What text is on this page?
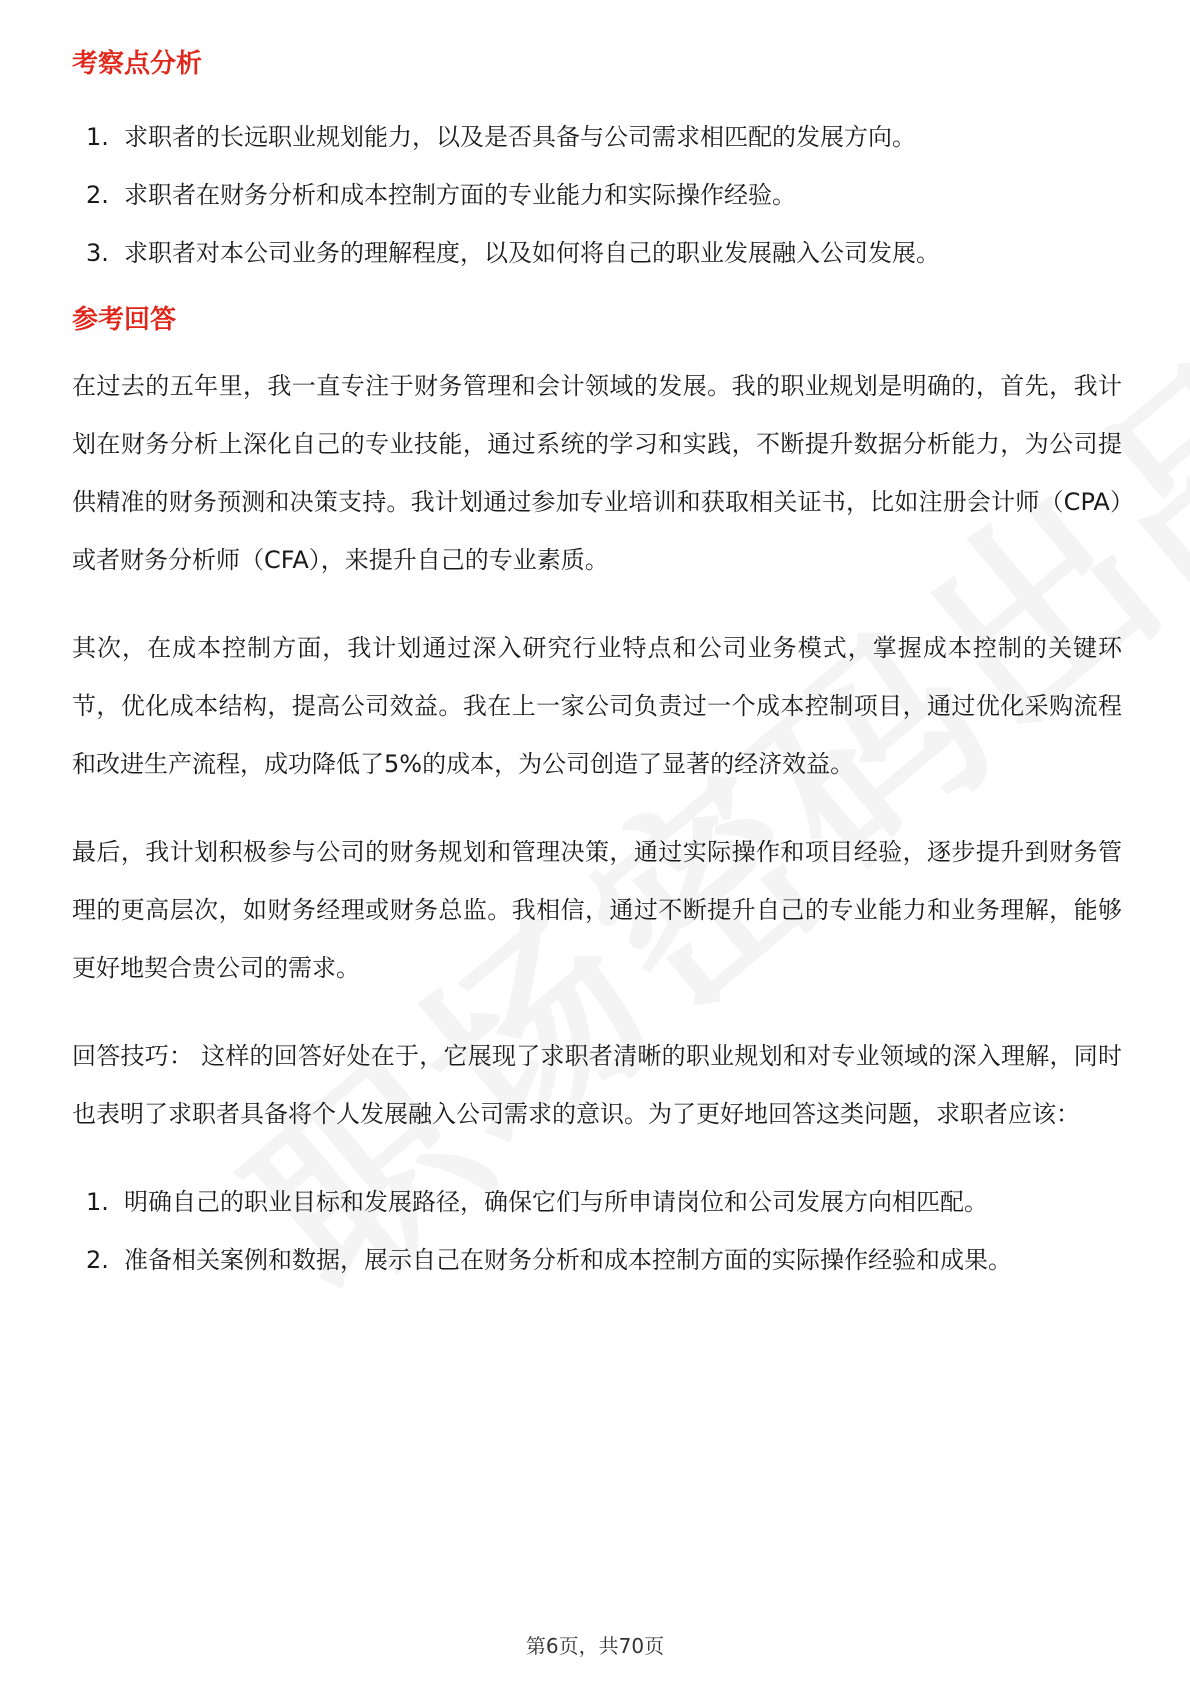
考察点分析
1. 求职者的长远职业规划能力，以及是否具备与公司需求相匹配的发展方向。
2. 求职者在财务分析和成本控制方面的专业能力和实际操作经验。
3. 求职者对本公司业务的理解程度，以及如何将自己的职业发展融入公司发展。
参考回答

在过去的五年里，我一直专注于财务管理和会计领域的发展。我的职业规划是明确的，首先，我计划在财务分析上深化自己的专业技能，通过系统的学习和实践，不断提升数据分析能力，为公司提供精准的财务预测和决策支持。我计划通过参加专业培训和获取相关证书，比如注册会计师（CPA）或者财务分析师（CFA），来提升自己的专业素质。

其次，在成本控制方面，我计划通过深入研究行业特点和公司业务模式，掌握成本控制的关键环节，优化成本结构，提高公司效益。我在上一家公司负责过一个成本控制项目，通过优化采购流程和改进生产流程，成功降低了5%的成本，为公司创造了显著的经济效益。

最后，我计划积极参与公司的财务规划和管理决策，通过实际操作和项目经验，逐步提升到财务管理的更高层次，如财务经理或财务总监。我相信，通过不断提升自己的专业能力和业务理解，能够更好地契合贵公司的需求。

回答技巧： 这样的回答好处在于，它展现了求职者清晰的职业规划和对专业领域的深入理解，同时也表明了求职者具备将个人发展融入公司需求的意识。为了更好地回答这类问题，求职者应该：

1. 明确自己的职业目标和发展路径，确保它们与所申请岗位和公司发展方向相匹配。
2. 准备相关案例和数据，展示自己在财务分析和成本控制方面的实际操作经验和成果。
第6页，共70页
